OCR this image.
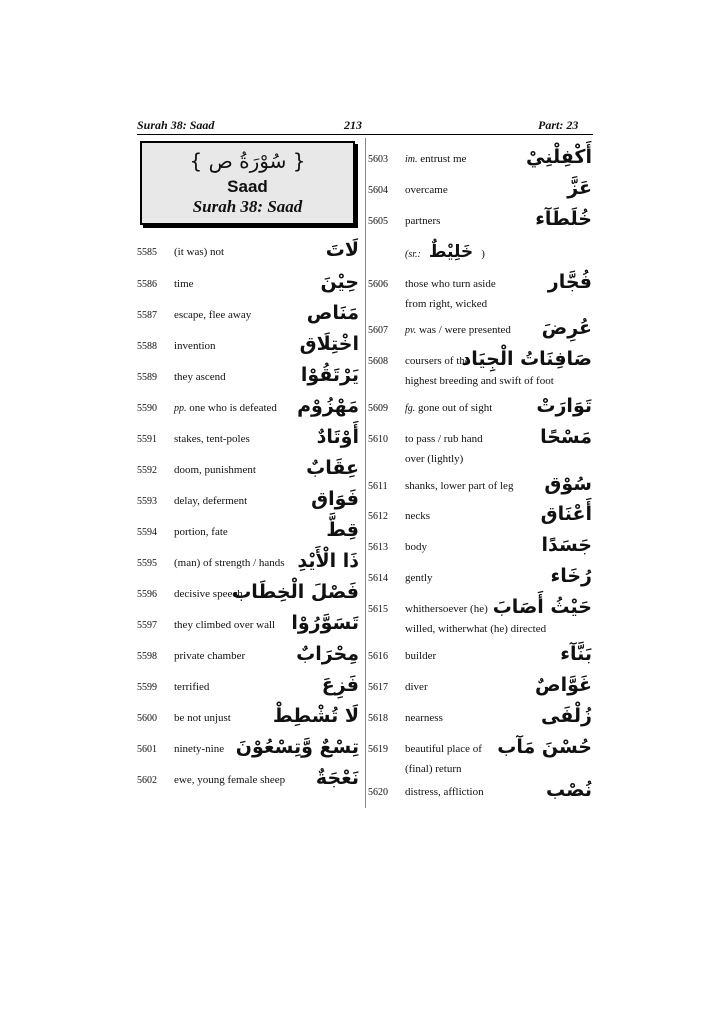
Surah 38: Saad	213	Part: 23
{ سُوْرَةُ ص }
Saad
Surah 38: Saad
5585 (it was) not	لَاتَ
5586 time	حِيْنَ
5587 escape, flee away	مَنَاص
5588 invention	اخْتِلَاق
5589 they ascend	يَرْتَقُوْا
5590 pp. one who is defeated مَهْزُوْم
5591 stakes, tent-poles	أَوْتَادٌ
5592 doom, punishment	عِقَابٌ
5593 delay, deferment	فَوَاق
5594 portion, fate	قِطَّ
5595 (man) of strength / hands ذَا الْأَيْدِ
5596 decisive speech
فَصْلَ الْخِطَاب
5597 they climbed over wall تَسَوَّرُوْا
5598 private chamber	مِحْرَابٌ
5599 terrified	فَزِعَ
5600 be not unjust لَا تُشْطِطْ
5601 ninety-nine تِسْعٌ وَّتِسْعُوْنَ
5602 ewe, young female sheep نَعْجَةٌ
5603 im. entrust me	أَكْفِلْنِيْ
5604 overcame	عَزَّ
5605 partners	خُلَطَآء
(sr.: خَلِيْطٌ )
5606 those who turn aside	فُجَّار
from right, wicked
5607 pv. was / were presented عُرِضَ
5608 coursers of the
صَافِنَاتُ الْجِيَاد
highest breeding and swift of foot
5609 fg. gone out of sight تَوَارَتْ
5610 to pass / rub hand	مَسْحًا
over (lightly)
5611 shanks, lower part of leg سُوْق
5612 necks	أَعْنَاق
5613 body	جَسَدًا
5614 gently	رُخَاء
5615 whithersoever (he) حَيْثُ أَصَابَ
willed, witherwhat (he) directed
5616 builder	بَنَّآء
5617 diver	غَوَّاصٌ
5618 nearness	زُلْفَى
5619 beautiful place of حُسْنَ مَآب
(final) return
5620 distress, affliction	نُصْب
